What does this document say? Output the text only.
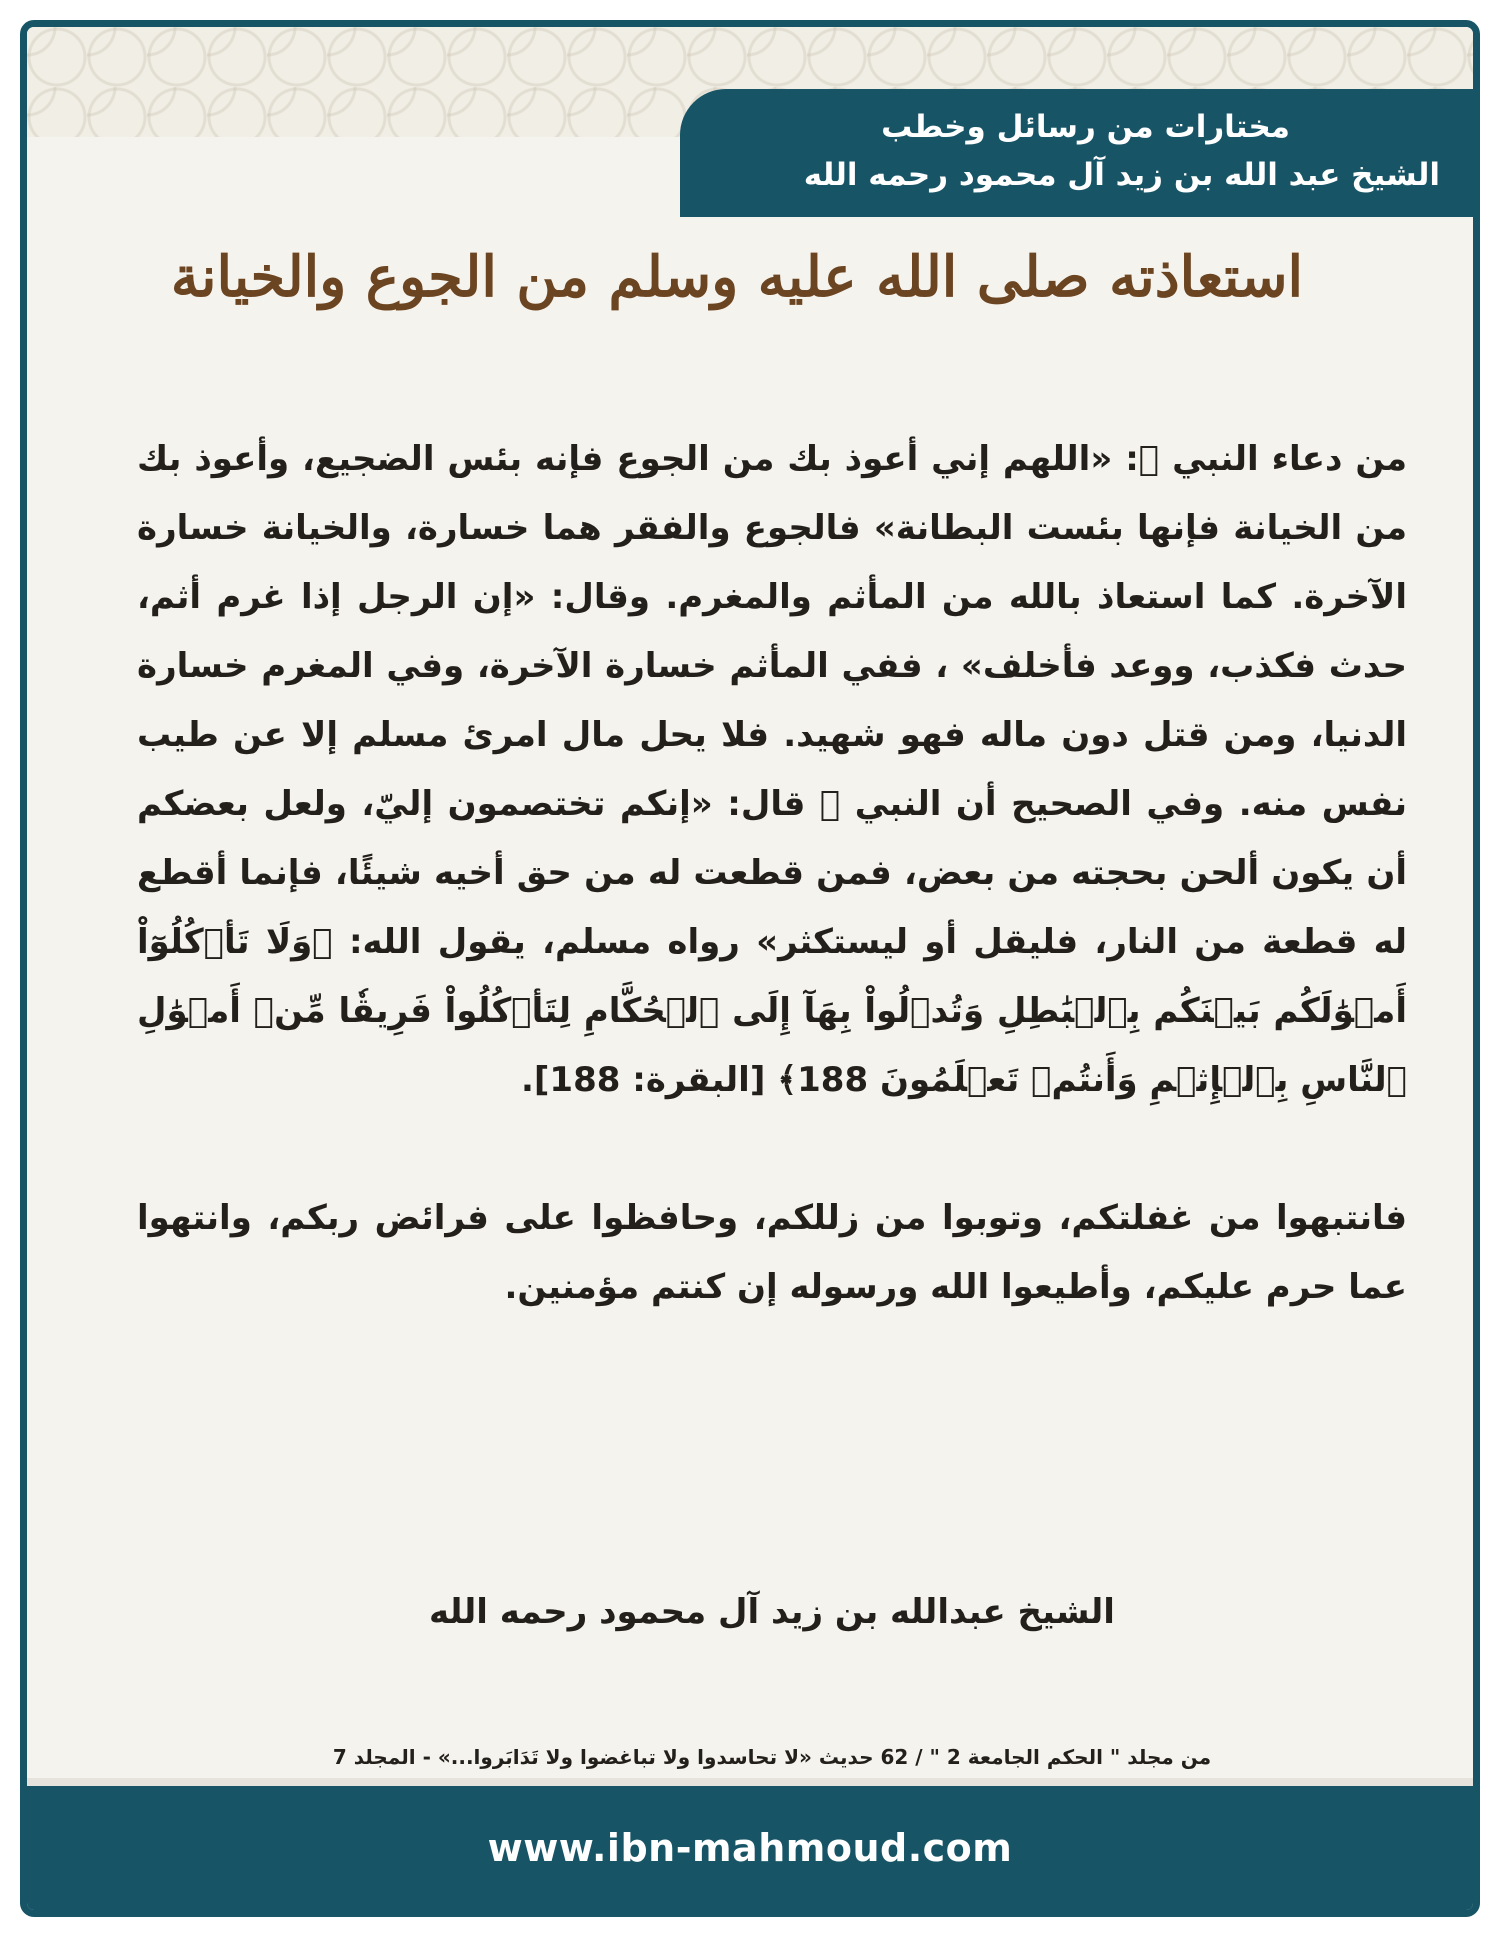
مختارات من رسائل وخطب
الشيخ عبد الله بن زيد آل محمود رحمه الله
استعاذته صلى الله عليه وسلم من الجوع والخيانة

من دعاء النبي ﷺ: «اللهم إني أعوذ بك من الجوع فإنه بئس الضجيع، وأعوذ بك من الخيانة فإنها بئست البطانة» فالجوع والفقر هما خسارة، والخيانة خسارة الآخرة. كما استعاذ بالله من المأثم والمغرم. وقال: «إن الرجل إذا غرم أثم، حدث فكذب، ووعد فأخلف» ، ففي المأثم خسارة الآخرة، وفي المغرم خسارة الدنيا، ومن قتل دون ماله فهو شهيد. فلا يحل مال امرئ مسلم إلا عن طيب نفس منه. وفي الصحيح أن النبي ﷺ قال: «إنكم تختصمون إليّ، ولعل بعضكم أن يكون ألحن بحجته من بعض، فمن قطعت له من حق أخيه شيئًا، فإنما أقطع له قطعة من النار، فليقل أو ليستكثر» رواه مسلم، يقول الله: ﴿وَلَا تَأۡكُلُوٓاْ أَمۡوَٰلَكُم بَيۡنَكُم بِٱلۡبَٰطِلِ وَتُدۡلُواْ بِهَآ إِلَى ٱلۡحُكَّامِ لِتَأۡكُلُواْ فَرِيقٗا مِّنۡ أَمۡوَٰلِ ٱلنَّاسِ بِٱلۡإِثۡمِ وَأَنتُمۡ تَعۡلَمُونَ 188﴾ [البقرة: 188].

فانتبهوا من غفلتكم، وتوبوا من زللكم، وحافظوا على فرائض ربكم، وانتهوا عما حرم عليكم، وأطيعوا الله ورسوله إن كنتم مؤمنين.

الشيخ عبدالله بن زيد آل محمود رحمه الله
من مجلد " الحكم الجامعة 2 " / 62 حديث «لا تحاسدوا ولا تباغضوا ولا تَدَابَروا...» - المجلد 7
www.ibn-mahmoud.com
